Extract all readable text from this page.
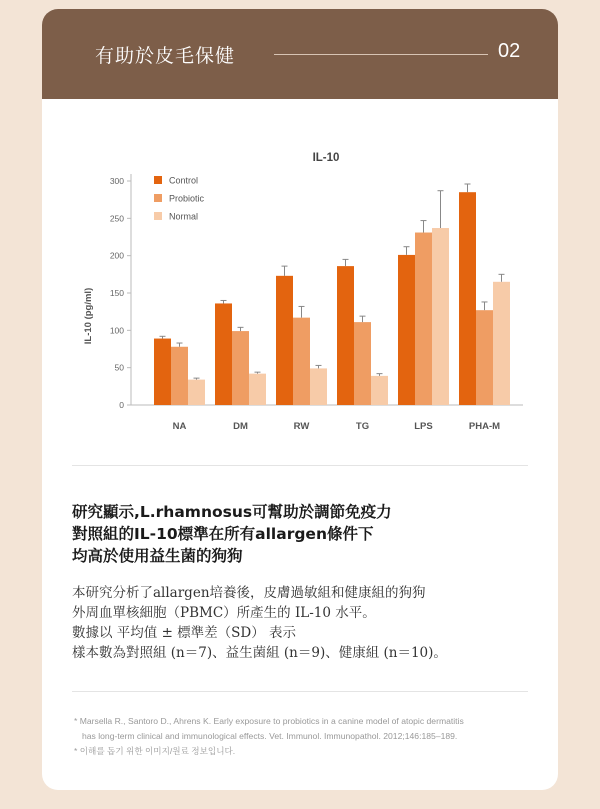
有助於皮毛保健	02
IL-10
IL-10 (pg/ml)
0
50
100
150
200
250
300
NA	DM	RW	TG	LPS	PHA-M
Control
Probiotic
Normal
研究顯示,L.rhamnosus可幫助於調節免疫力
對照組的IL-10標準在所有allargen條件下
均高於使用益生菌的狗狗
本研究分析了allargen培養後，皮膚過敏組和健康組的狗狗
外周血單核細胞（PBMC）所產生的 IL-10 水平。
數據以 平均值 ± 標準差（SD） 表示
樣本數為對照組 (n＝7)、益生菌組 (n＝9)、健康組 (n＝10)。
* Marsella R., Santoro D., Ahrens K. Early exposure to probiotics in a canine model of atopic dermatitis
has long-term clinical and immunological effects. Vet. Immunol. Immunopathol. 2012;146:185–189.
* 이해를 돕기 위한 이미지/원료 정보입니다.
